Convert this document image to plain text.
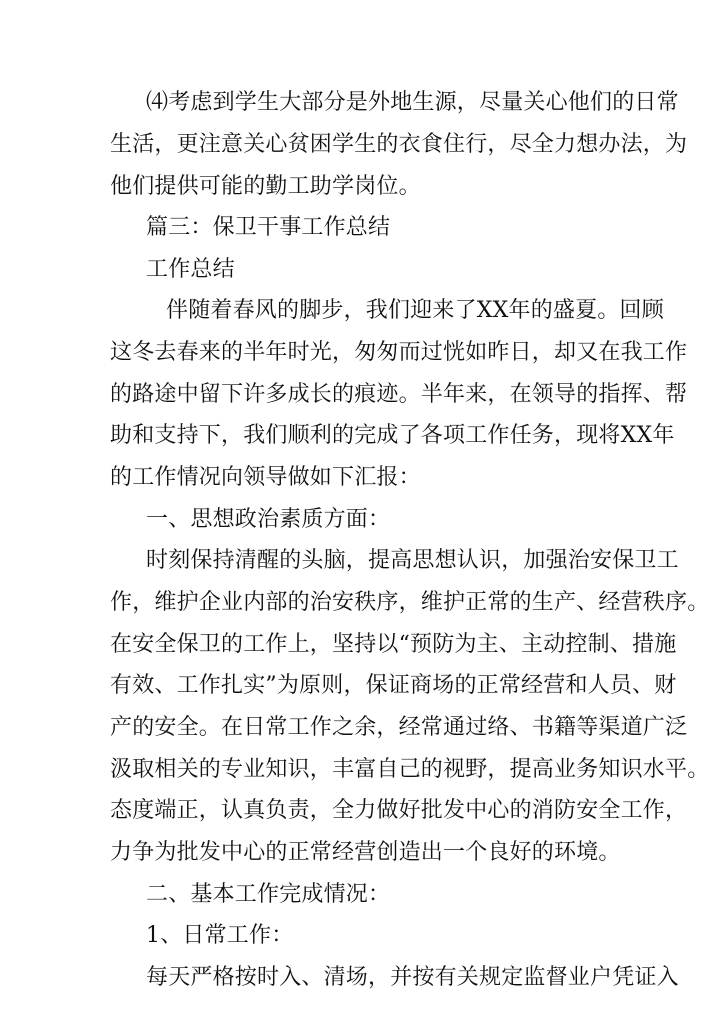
⑷考虑到学生大部分是外地生源，尽量关心他们的日常
生活，更注意关心贫困学生的衣食住行，尽全力想办法，为
他们提供可能的勤工助学岗位。
篇三：保卫干事工作总结
工作总结
伴随着春风的脚步，我们迎来了XX年的盛夏。回顾
这冬去春来的半年时光，匆匆而过恍如昨日，却又在我工作
的路途中留下许多成长的痕迹。半年来，在领导的指挥、帮
助和支持下，我们顺利的完成了各项工作任务，现将XX年
的工作情况向领导做如下汇报：
一、思想政治素质方面：
时刻保持清醒的头脑，提高思想认识，加强治安保卫工
作，维护企业内部的治安秩序，维护正常的生产、经营秩序。
在安全保卫的工作上，坚持以“预防为主、主动控制、措施
有效、工作扎实”为原则，保证商场的正常经营和人员、财
产的安全。在日常工作之余，经常通过络、书籍等渠道广泛
汲取相关的专业知识，丰富自己的视野，提高业务知识水平。
态度端正，认真负责，全力做好批发中心的消防安全工作，
力争为批发中心的正常经营创造出一个良好的环境。
二、基本工作完成情况：
1、日常工作：
每天严格按时入、清场，并按有关规定监督业户凭证入
